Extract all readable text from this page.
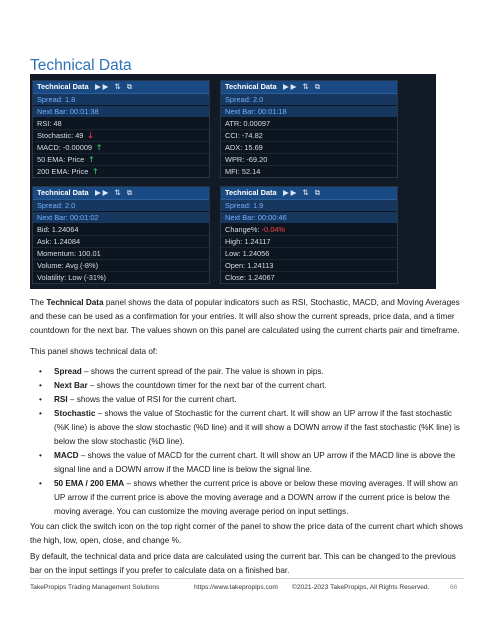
Technical Data
Technical Data ▶▶ ⇅ ⧉
Spread: 1.8
Next Bar: 00:01:38
RSI: 48
Stochastic: 49 🡓
MACD: -0.00009 🡑
50 EMA: Price 🡑
200 EMA: Price 🡑
Technical Data ▶▶ ⇅ ⧉
Spread: 2.0
Next Bar: 00:01:18
ATR: 0.00097
CCI: -74.82
ADX: 15.69
WPR: -69.20
MFI: 52.14
Technical Data ▶▶ ⇅ ⧉
Spread: 2.0
Next Bar: 00:01:02
Bid: 1.24064
Ask: 1.24084
Momentum: 100.01
Volume: Avg (-8%)
Volatility: Low (-31%)
Technical Data ▶▶ ⇅ ⧉
Spread: 1.9
Next Bar: 00:00:46
Change%: -0.04%
High: 1.24117
Low: 1.24056
Open: 1.24113
Close: 1.24067
The Technical Data panel shows the data of popular indicators such as RSI, Stochastic, MACD, and Moving Averages and these can be used as a confirmation for your entries. It will also show the current spreads, price data, and a timer countdown for the next bar. The values shown on this panel are calculated using the current charts pair and timeframe.
This panel shows technical data of:
• Spread – shows the current spread of the pair. The value is shown in pips.
• Next Bar – shows the countdown timer for the next bar of the current chart.
• RSI – shows the value of RSI for the current chart.
• Stochastic – shows the value of Stochastic for the current chart. It will show an UP arrow if the fast stochastic (%K line) is above the slow stochastic (%D line) and it will show a DOWN arrow if the fast stochastic (%K line) is below the slow stochastic (%D line).
• MACD – shows the value of MACD for the current chart. It will show an UP arrow if the MACD line is above the signal line and a DOWN arrow if the MACD line is below the signal line.
• 50 EMA / 200 EMA – shows whether the current price is above or below these moving averages. If will show an UP arrow if the current price is above the moving average and a DOWN arrow if the current price is below the moving average. You can customize the moving average period on input settings.
You can click the switch icon on the top right corner of the panel to show the price data of the current chart which shows the high, low, open, close, and change %.
By default, the technical data and price data are calculated using the current bar. This can be changed to the previous bar on the input settings if you prefer to calculate data on a finished bar.
TakePropips Trading Management Solutions	https://www.takepropips.com ©2021-2023 TakePropips, All Rights Reserved.	66
